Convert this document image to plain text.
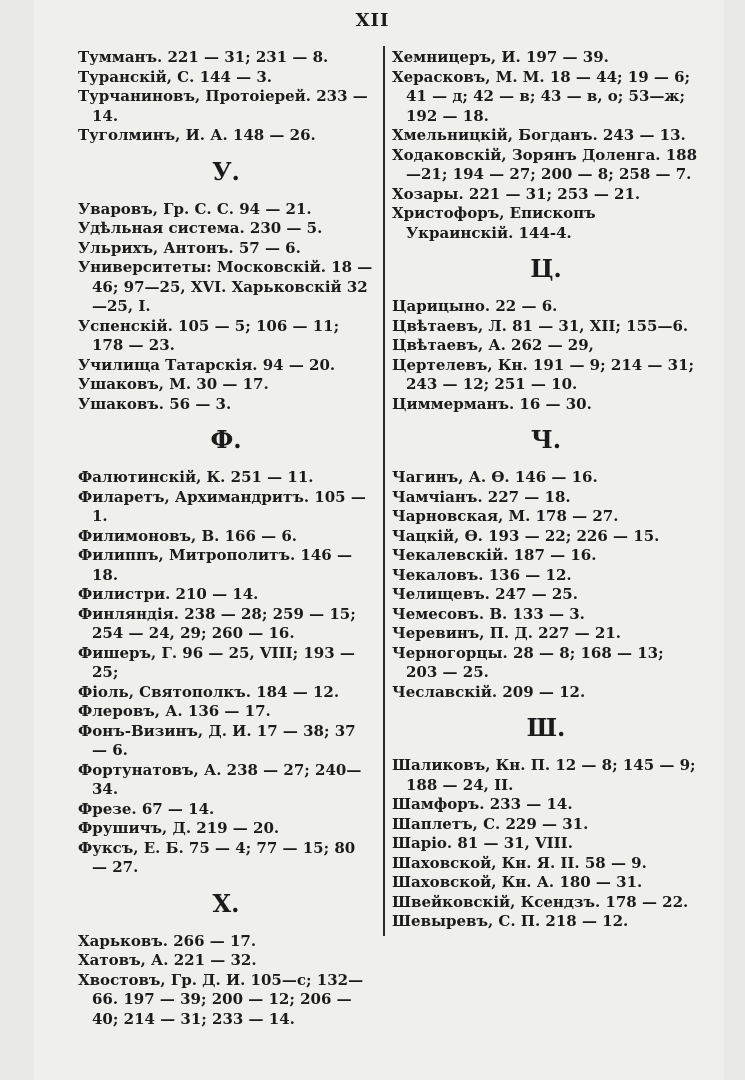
XII

Тумманъ. 221 — 31; 231 — 8.

Туранскій, С. 144 — 3.

Турчаниновъ, Протоіерей. 233 — 14.

Туголминъ, И. А. 148 — 26.

У.

Уваровъ, Гр. С. С. 94 — 21.

Удѣльная система. 230 — 5.

Ульрихъ, Антонъ. 57 — 6.

Университеты: Московскій. 18 — 46; 97—25, XVI. Харьковскій 32—25, I.

Успенскій. 105 — 5; 106 — 11; 178 — 23.

Училища Татарскія. 94 — 20.

Ушаковъ, М. 30 — 17.

Ушаковъ. 56 — 3.

Ф.

Фалютинскій, К. 251 — 11.

Филаретъ, Архимандритъ. 105 — 1.

Филимоновъ, В. 166 — 6.

Филиппъ, Митрополитъ. 146 — 18.

Филистри. 210 — 14.

Финляндія. 238 — 28; 259 — 15; 254 — 24, 29; 260 — 16.

Фишеръ, Г. 96 — 25, VIII; 193 — 25;

Фіоль, Святополкъ. 184 — 12.

Флеровъ, А. 136 — 17.

Фонъ-Визинъ, Д. И. 17 — 38; 37 — 6.

Фортунатовъ, А. 238 — 27; 240—34.

Фрезе. 67 — 14.

Фрушичъ, Д. 219 — 20.

Фуксъ, Е. Б. 75 — 4; 77 — 15; 80 — 27.

Х.

Харьковъ. 266 — 17.

Хатовъ, А. 221 — 32.

Хвостовъ, Гр. Д. И. 105—с; 132—66. 197 — 39; 200 — 12; 206 — 40; 214 — 31; 233 — 14.

Хемницеръ, И. 197 — 39.

Херасковъ, М. М. 18 — 44; 19 — 6; 41 — д; 42 — в; 43 — в, о; 53—ж; 192 — 18.

Хмельницкій, Богданъ. 243 — 13.

Ходаковскій, Зорянъ Доленга. 188—21; 194 — 27; 200 — 8; 258 — 7.

Хозары. 221 — 31; 253 — 21.

Христофоръ, Епископъ Украинскій. 144-4.

Ц.

Царицыно. 22 — 6.

Цвѣтаевъ, Л. 81 — 31, XII; 155—6.

Цвѣтаевъ, А. 262 — 29,

Цертелевъ, Кн. 191 — 9; 214 — 31; 243 — 12; 251 — 10.

Циммерманъ. 16 — 30.

Ч.

Чагинъ, А. Ѳ. 146 — 16.

Чамчіанъ. 227 — 18.

Чарновская, М. 178 — 27.

Чацкій, Ѳ. 193 — 22; 226 — 15.

Чекалевскій. 187 — 16.

Чекаловъ. 136 — 12.

Челищевъ. 247 — 25.

Чемесовъ. В. 133 — 3.

Черевинъ, П. Д. 227 — 21.

Черногорцы. 28 — 8; 168 — 13; 203 — 25.

Чеславскій. 209 — 12.

Ш.

Шаликовъ, Кн. П. 12 — 8; 145 — 9; 188 — 24, II.

Шамфоръ. 233 — 14.

Шаплетъ, С. 229 — 31.

Шаріо. 81 — 31, VIII.

Шаховской, Кн. Я. II. 58 — 9.

Шаховской, Кн. А. 180 — 31.

Швейковскій, Ксендзъ. 178 — 22.

Шевыревъ, С. П. 218 — 12.
